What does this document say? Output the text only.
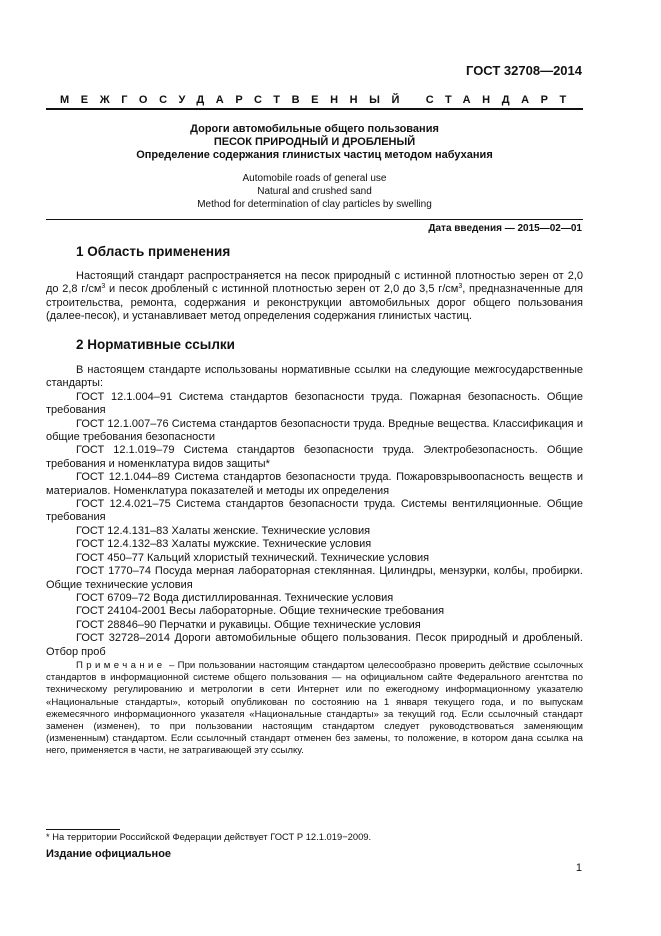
ГОСТ 32708—2014
МЕЖГОСУДАРСТВЕННЫЙ СТАНДАРТ
Дороги автомобильные общего пользования
ПЕСОК ПРИРОДНЫЙ И ДРОБЛЕНЫЙ
Определение содержания глинистых частиц методом набухания
Automobile roads of general use
Natural and crushed sand
Method for determination of clay particles by swelling
Дата введения — 2015—02—01
1 Область применения

Настоящий стандарт распространяется на песок природный с истинной плотностью зерен от 2,0 до 2,8 $г/см^3$ и песок дробленый с истинной плотностью зерен от 2,0 до 3,5 $г/см^3$, предназначенные для строительства, ремонта, содержания и реконструкции автомобильных дорог общего пользования (далее-песок), и устанавливает метод определения содержания глинистых частиц.

2 Нормативные ссылки

В настоящем стандарте использованы нормативные ссылки на следующие межгосударственные стандарты:

ГОСТ 12.1.004–91 Система стандартов безопасности труда. Пожарная безопасность. Общие требования

ГОСТ 12.1.007–76 Система стандартов безопасности труда. Вредные вещества. Классификация и общие требования безопасности

ГОСТ 12.1.019–79 Система стандартов безопасности труда. Электробезопасность. Общие требования и номенклатура видов защиты*

ГОСТ 12.1.044–89 Система стандартов безопасности труда. Пожаровзрывоопасность веществ и материалов. Номенклатура показателей и методы их определения

ГОСТ 12.4.021–75 Система стандартов безопасности труда. Системы вентиляционные. Общие требования

ГОСТ 12.4.131–83 Халаты женские. Технические условия

ГОСТ 12.4.132–83 Халаты мужские. Технические условия

ГОСТ 450–77 Кальций хлористый технический. Технические условия

ГОСТ 1770–74 Посуда мерная лабораторная стеклянная. Цилиндры, мензурки, колбы, пробирки. Общие технические условия

ГОСТ 6709–72 Вода дистиллированная. Технические условия

ГОСТ 24104-2001 Весы лабораторные. Общие технические требования

ГОСТ 28846–90 Перчатки и рукавицы. Общие технические условия

ГОСТ 32728–2014 Дороги автомобильные общего пользования. Песок природный и дробленый. Отбор проб

Примечание – При пользовании настоящим стандартом целесообразно проверить действие ссылочных стандартов в информационной системе общего пользования — на официальном сайте Федерального агентства по техническому регулированию и метрологии в сети Интернет или по ежегодному информационному указателю «Национальные стандарты», который опубликован по состоянию на 1 января текущего года, и по выпускам ежемесячного информационного указателя «Национальные стандарты» за текущий год. Если ссылочный стандарт заменен (изменен), то при пользовании настоящим стандартом следует руководствоваться заменяющим (измененным) стандартом. Если ссылочный стандарт отменен без замены, то положение, в котором дана ссылка на него, применяется в части, не затрагивающей эту ссылку.
* На территории Российской Федерации действует ГОСТ Р 12.1.019−2009.
Издание официальное
1
